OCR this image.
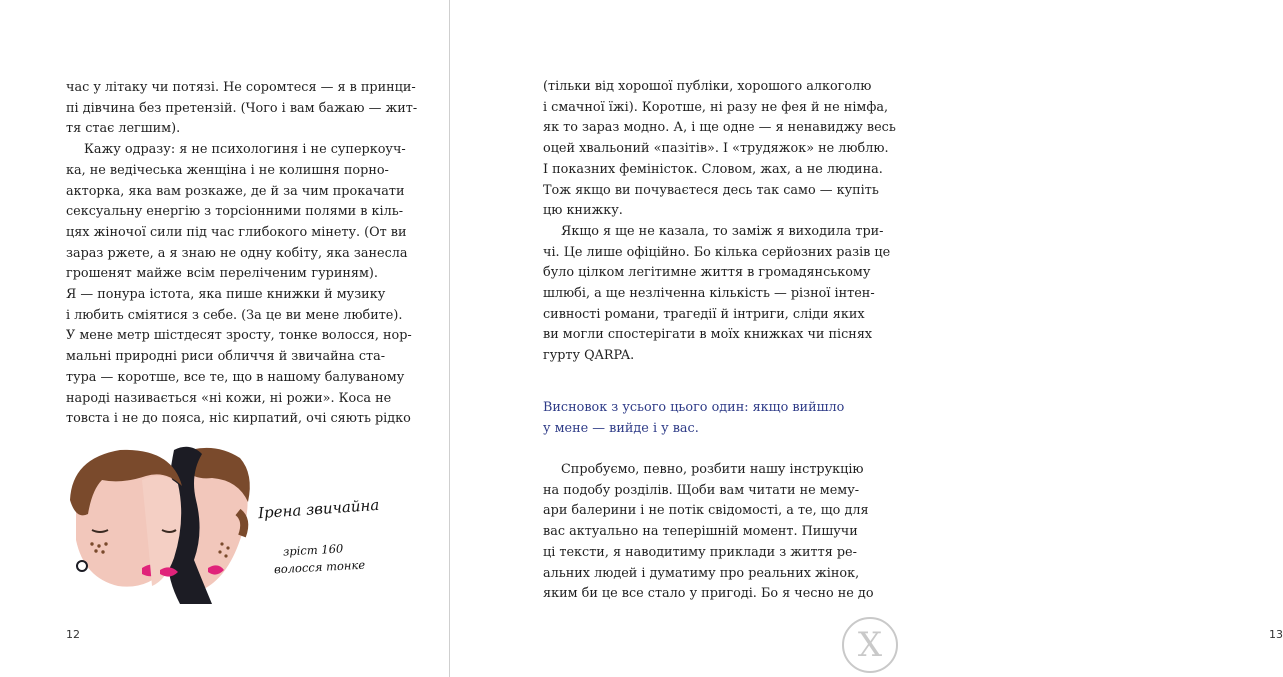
час у літаку чи потязі. Не соромтеся — я в принци-
пі дівчина без претензій. (Чого і вам бажаю — жит-
тя стає легшим).
Кажу одразу: я не психологиня і не суперкоуч-
ка, не ведічеська женщіна і не колишня порно-
акторка, яка вам розкаже, де й за чим прокачати
сексуальну енергію з торсіонними полями в кіль-
цях жіночої сили під час глибокого мінету. (От ви
зараз ржете, а я знаю не одну кобіту, яка занесла
грошенят майже всім переліченим гуриням).
Я — понура істота, яка пише книжки й музику
і любить сміятися з себе. (За це ви мене любите).
У мене метр шістдесят зросту, тонке волосся, нор-
мальні природні риси обличчя й звичайна ста-
тура — коротше, все те, що в нашому балуваному
народі називається «ні кожи, ні рожи». Коса не
товста і не до пояса, ніс кирпатий, очі сяють рідко
12
Ірена звичайна
зріст 160
волосся тонке
(тільки від хорошої публіки, хорошого алкоголю
і смачної їжі). Коротше, ні разу не фея й не німфа,
як то зараз модно. А, і ще одне — я ненавиджу весь
оцей хвальоний «пазітів». І «трудяжок» не люблю.
І показних феміністок. Словом, жах, а не людина.
Тож якщо ви почуваєтеся десь так само — купіть
цю книжку.
Якщо я ще не казала, то заміж я виходила три-
чі. Це лише офіційно. Бо кілька серйозних разів це
було цілком легітимне життя в громадянському
шлюбі, а ще незліченна кількість — різної інтен-
сивності романи, трагедії й інтриги, сліди яких
ви могли спостерігати в моїх книжках чи піснях
гурту QARPA.
Спробуємо, певно, розбити нашу інструкцію
на подобу розділів. Щоби вам читати не мему-
ари балерини і не потік свідомості, а те, що для
вас актуально на теперішній момент. Пишучи
ці тексти, я наводитиму приклади з життя ре-
альних людей і думатиму про реальних жінок,
яким би це все стало у пригоді. Бо я чесно не до
13
Висновок з усього цього один: якщо вийшло
у мене — вийде і у вас.
X
